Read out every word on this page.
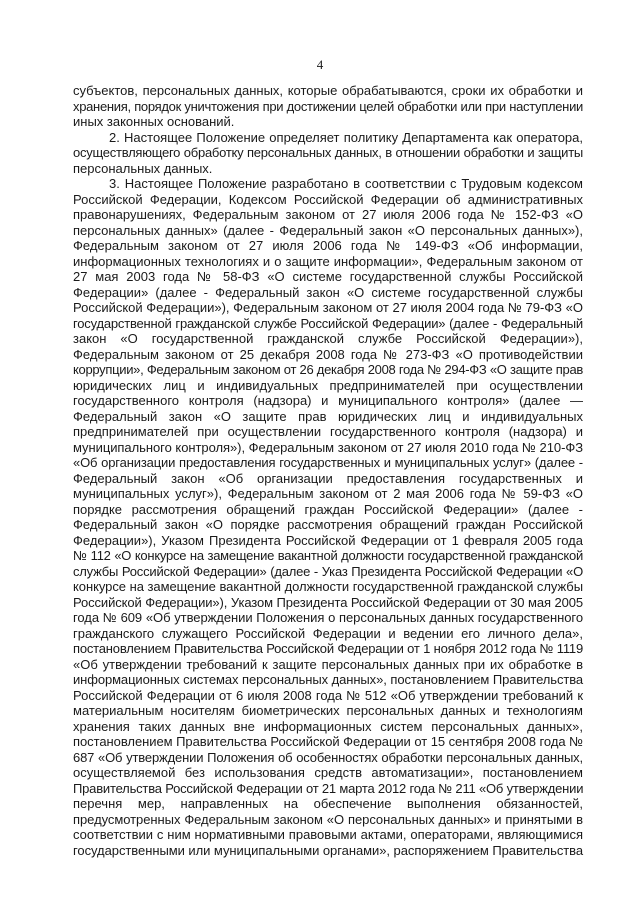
4
субъектов, персональных данных, которые обрабатываются, сроки их обработки и
хранения, порядок уничтожения при достижении целей обработки или при наступлении
иных законных оснований.
2. Настоящее Положение определяет политику Департамента как оператора,
осуществляющего обработку персональных данных, в отношении обработки и защиты
персональных данных.
3. Настоящее Положение разработано в соответствии с Трудовым кодексом
Российской Федерации, Кодексом Российской Федерации об административных
правонарушениях, Федеральным законом от 27 июля 2006 года № 152-ФЗ «О
персональных данных» (далее - Федеральный закон «О персональных данных»),
Федеральным законом от 27 июля 2006 года № 149-ФЗ «Об информации,
информационных технологиях и о защите информации», Федеральным законом от
27 мая 2003 года № 58-ФЗ «О системе государственной службы Российской
Федерации» (далее - Федеральный закон «О системе государственной службы
Российской Федерации»), Федеральным законом от 27 июля 2004 года № 79-ФЗ «О
государственной гражданской службе Российской Федерации» (далее - Федеральный
закон «О государственной гражданской службе Российской Федерации»),
Федеральным законом от 25 декабря 2008 года № 273-ФЗ «О противодействии
коррупции», Федеральным законом от 26 декабря 2008 года № 294-ФЗ «О защите прав
юридических лиц и индивидуальных предпринимателей при осуществлении
государственного контроля (надзора) и муниципального контроля» (далее —
Федеральный закон «О защите прав юридических лиц и индивидуальных
предпринимателей при осуществлении государственного контроля (надзора) и
муниципального контроля»), Федеральным законом от 27 июля 2010 года № 210-ФЗ
«Об организации предоставления государственных и муниципальных услуг» (далее -
Федеральный закон «Об организации предоставления государственных и
муниципальных услуг»), Федеральным законом от 2 мая 2006 года № 59-ФЗ «О
порядке рассмотрения обращений граждан Российской Федерации» (далее -
Федеральный закон «О порядке рассмотрения обращений граждан Российской
Федерации»), Указом Президента Российской Федерации от 1 февраля 2005 года
№ 112 «О конкурсе на замещение вакантной должности государственной гражданской
службы Российской Федерации» (далее - Указ Президента Российской Федерации «О
конкурсе на замещение вакантной должности государственной гражданской службы
Российской Федерации»), Указом Президента Российской Федерации от 30 мая 2005
года № 609 «Об утверждении Положения о персональных данных государственного
гражданского служащего Российской Федерации и ведении его личного дела»,
постановлением Правительства Российской Федерации от 1 ноября 2012 года № 1119
«Об утверждении требований к защите персональных данных при их обработке в
информационных системах персональных данных», постановлением Правительства
Российской Федерации от 6 июля 2008 года № 512 «Об утверждении требований к
материальным носителям биометрических персональных данных и технологиям
хранения таких данных вне информационных систем персональных данных»,
постановлением Правительства Российской Федерации от 15 сентября 2008 года №
687 «Об утверждении Положения об особенностях обработки персональных данных,
осуществляемой без использования средств автоматизации», постановлением
Правительства Российской Федерации от 21 марта 2012 года № 211 «Об утверждении
перечня мер, направленных на обеспечение выполнения обязанностей,
предусмотренных Федеральным законом «О персональных данных» и принятыми в
соответствии с ним нормативными правовыми актами, операторами, являющимися
государственными или муниципальными органами», распоряжением Правительства
